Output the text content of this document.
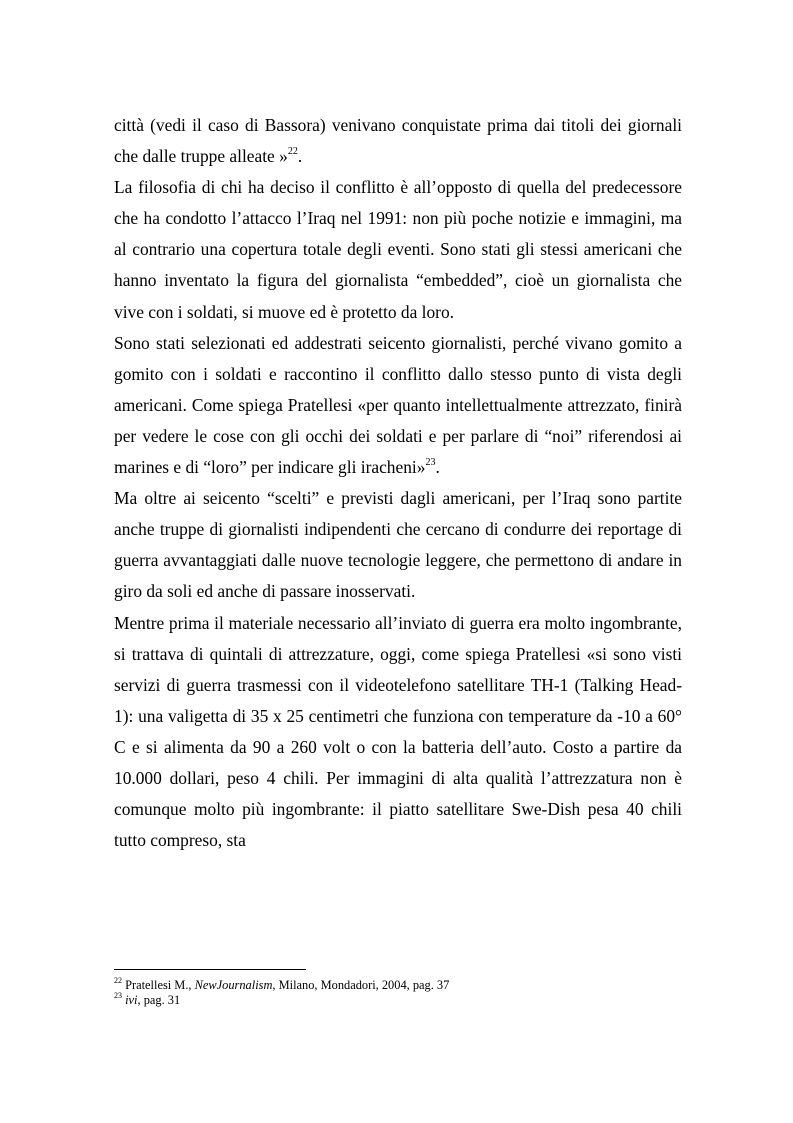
città (vedi il caso di Bassora) venivano conquistate prima dai titoli dei giornali che dalle truppe alleate »$^{22}$.

La filosofia di chi ha deciso il conflitto è all’opposto di quella del predecessore che ha condotto l’attacco l’Iraq nel 1991: non più poche notizie e immagini, ma al contrario una copertura totale degli eventi. Sono stati gli stessi americani che hanno inventato la figura del giornalista “embedded”, cioè un giornalista che vive con i soldati, si muove ed è protetto da loro.

Sono stati selezionati ed addestrati seicento giornalisti, perché vivano gomito a gomito con i soldati e raccontino il conflitto dallo stesso punto di vista degli americani. Come spiega Pratellesi «per quanto intellettualmente attrezzato, finirà per vedere le cose con gli occhi dei soldati e per parlare di “noi” riferendosi ai marines e di “loro” per indicare gli iracheni»$^{23}$.

Ma oltre ai seicento “scelti” e previsti dagli americani, per l’Iraq sono partite anche truppe di giornalisti indipendenti che cercano di condurre dei reportage di guerra avvantaggiati dalle nuove tecnologie leggere, che permettono di andare in giro da soli ed anche di passare inosservati.

Mentre prima il materiale necessario all’inviato di guerra era molto ingombrante, si trattava di quintali di attrezzature, oggi, come spiega Pratellesi «si sono visti servizi di guerra trasmessi con il videotelefono satellitare TH-1 (Talking Head- 1): una valigetta di 35 x 25 centimetri che funziona con temperature da -10 a 60° C e si alimenta da 90 a 260 volt o con la batteria dell’auto. Costo a partire da 10.000 dollari, peso 4 chili. Per immagini di alta qualità l’attrezzatura non è comunque molto più ingombrante: il piatto satellitare Swe-Dish pesa 40 chili tutto compreso, sta

$^{22}$ Pratellesi M., NewJournalism, Milano, Mondadori, 2004, pag. 37

$^{23}$ ivi, pag. 31
